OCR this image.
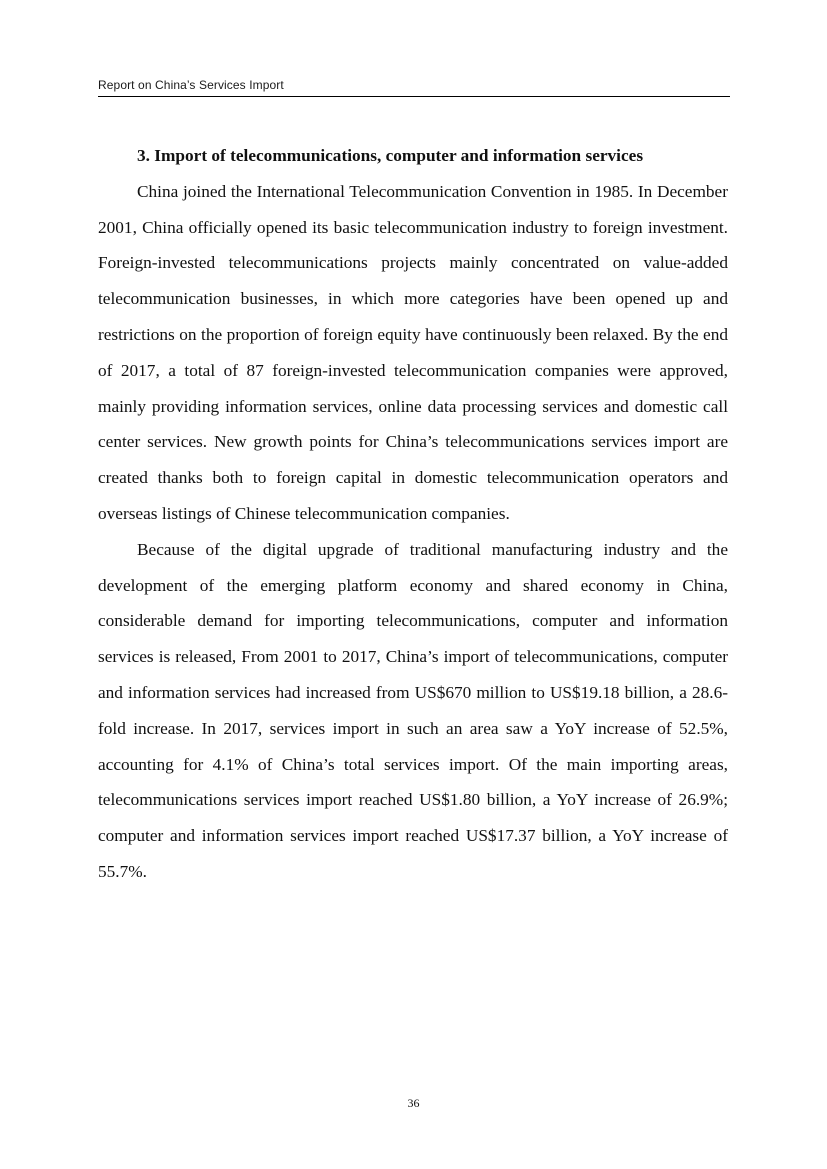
Report on China’s Services Import

3. Import of telecommunications, computer and information services

China joined the International Telecommunication Convention in 1985. In December 2001, China officially opened its basic telecommunication industry to foreign investment. Foreign-invested telecommunications projects mainly concentrated on value-added telecommunication businesses, in which more categories have been opened up and restrictions on the proportion of foreign equity have continuously been relaxed. By the end of 2017, a total of 87 foreign-invested telecommunication companies were approved, mainly providing information services, online data processing services and domestic call center services. New growth points for China’s telecommunications services import are created thanks both to foreign capital in domestic telecommunication operators and overseas listings of Chinese telecommunication companies.

Because of the digital upgrade of traditional manufacturing industry and the development of the emerging platform economy and shared economy in China, considerable demand for importing telecommunications, computer and information services is released, From 2001 to 2017, China’s import of telecommunications, computer and information services had increased from US$670 million to US$19.18 billion, a 28.6-fold increase. In 2017, services import in such an area saw a YoY increase of 52.5%, accounting for 4.1% of China’s total services import. Of the main importing areas, telecommunications services import reached US$1.80 billion, a YoY increase of 26.9%; computer and information services import reached US$17.37 billion, a YoY increase of 55.7%.

36
